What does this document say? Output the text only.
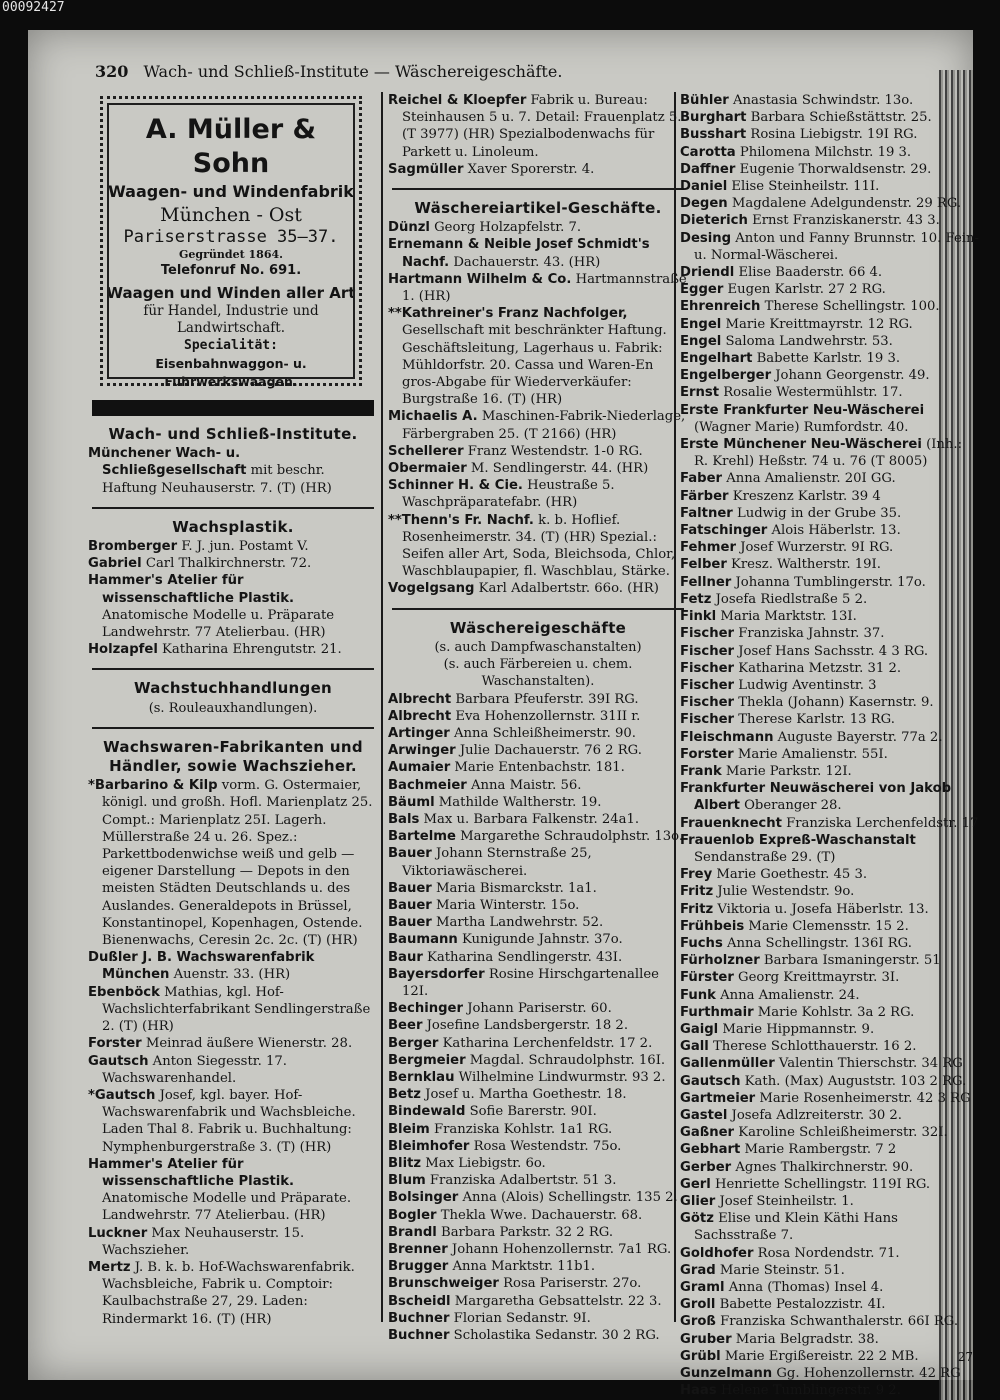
00092427
27
320 Wach- und Schließ-Institute — Wäschereigeschäfte.
A. Müller & Sohn
Waagen- und Windenfabrik
München - Ost
Pariserstrasse 35–37.
Gegründet 1864.
Telefonruf No. 691.
Waagen und Winden aller Art
für Handel, Industrie und
Landwirtschaft.
Specialität:
Eisenbahnwaggon- u. Fuhrwerkswaagen.
Wach- und Schließ-Institute.

Münchener Wach- u. Schließgesellschaft mit beschr. Haftung Neuhauserstr. 7. (T) (HR)

Wachsplastik.

Bromberger F. J. jun. Postamt V.

Gabriel Carl Thalkirchnerstr. 72.

Hammer's Atelier für wissenschaftliche Plastik. Anatomische Modelle u. Präparate Landwehrstr. 77 Atelierbau. (HR)

Holzapfel Katharina Ehrengutstr. 21.

Wachstuchhandlungen
(s. Rouleauxhandlungen).
Wachswaren-Fabrikanten und
Händler, sowie Wachszieher.

*Barbarino & Kilp vorm. G. Ostermaier, königl. und großh. Hofl. Marienplatz 25. Compt.: Marienplatz 25I. Lagerh. Müllerstraße 24 u. 26. Spez.: Parkettbodenwichse weiß und gelb — eigener Darstellung — Depots in den meisten Städten Deutschlands u. des Auslandes. Generaldepots in Brüssel, Konstantinopel, Kopenhagen, Ostende. Bienenwachs, Ceresin 2c. 2c. (T) (HR)

Dußler J. B. Wachswarenfabrik München Auenstr. 33. (HR)

Ebenböck Mathias, kgl. Hof-Wachslichterfabrikant Sendlingerstraße 2. (T) (HR)

Forster Meinrad äußere Wienerstr. 28.

Gautsch Anton Siegesstr. 17. Wachswarenhandel.

*Gautsch Josef, kgl. bayer. Hof-Wachswarenfabrik und Wachsbleiche. Laden Thal 8. Fabrik u. Buchhaltung: Nymphenburgerstraße 3. (T) (HR)

Hammer's Atelier für wissenschaftliche Plastik. Anatomische Modelle und Präparate. Landwehrstr. 77 Atelierbau. (HR)

Luckner Max Neuhauserstr. 15. Wachszieher.

Mertz J. B. k. b. Hof-Wachswarenfabrik. Wachsbleiche, Fabrik u. Comptoir: Kaulbachstraße 27, 29. Laden: Rindermarkt 16. (T) (HR)

Reichel & Kloepfer Fabrik u. Bureau: Steinhausen 5 u. 7. Detail: Frauenplatz 5. (T 3977) (HR) Spezialbodenwachs für Parkett u. Linoleum.

Sagmüller Xaver Sporerstr. 4.

Wäschereiartikel-Geschäfte.

Dünzl Georg Holzapfelstr. 7.

Ernemann & Neible Josef Schmidt's Nachf. Dachauerstr. 43. (HR)

Hartmann Wilhelm & Co. Hartmannstraße 1. (HR)

**Kathreiner's Franz Nachfolger, Gesellschaft mit beschränkter Haftung. Geschäftsleitung, Lagerhaus u. Fabrik: Mühldorfstr. 20. Cassa und Waren-En gros-Abgabe für Wiederverkäufer: Burgstraße 16. (T) (HR)

Michaelis A. Maschinen-Fabrik-Niederlage, Färbergraben 25. (T 2166) (HR)

Schellerer Franz Westendstr. 1-0 RG.

Obermaier M. Sendlingerstr. 44. (HR)

Schinner H. & Cie. Heustraße 5. Waschpräparatefabr. (HR)

**Thenn's Fr. Nachf. k. b. Hoflief. Rosenheimerstr. 34. (T) (HR) Spezial.: Seifen aller Art, Soda, Bleichsoda, Chlor, Waschblaupapier, fl. Waschblau, Stärke.

Vogelgsang Karl Adalbertstr. 66o. (HR)

Wäschereigeschäfte
(s. auch Dampfwaschanstalten)
(s. auch Färbereien u. chem. Waschanstalten).

Albrecht Barbara Pfeuferstr. 39I RG.

Albrecht Eva Hohenzollernstr. 31II r.

Artinger Anna Schleißheimerstr. 90.

Arwinger Julie Dachauerstr. 76 2 RG.

Aumaier Marie Entenbachstr. 181.

Bachmeier Anna Maistr. 56.

Bäuml Mathilde Waltherstr. 19.

Bals Max u. Barbara Falkenstr. 24a1.

Bartelme Margarethe Schraudolphstr. 13o.

Bauer Johann Sternstraße 25, Viktoriawäscherei.

Bauer Maria Bismarckstr. 1a1.

Bauer Maria Winterstr. 15o.

Bauer Martha Landwehrstr. 52.

Baumann Kunigunde Jahnstr. 37o.

Baur Katharina Sendlingerstr. 43I.

Bayersdorfer Rosine Hirschgartenallee 12I.

Bechinger Johann Pariserstr. 60.

Beer Josefine Landsbergerstr. 18 2.

Berger Katharina Lerchenfeldstr. 17 2.

Bergmeier Magdal. Schraudolphstr. 16I.

Bernklau Wilhelmine Lindwurmstr. 93 2.

Betz Josef u. Martha Goethestr. 18.

Bindewald Sofie Barerstr. 90I.

Bleim Franziska Kohlstr. 1a1 RG.

Bleimhofer Rosa Westendstr. 75o.

Blitz Max Liebigstr. 6o.

Blum Franziska Adalbertstr. 51 3.

Bolsinger Anna (Alois) Schellingstr. 135 2.

Bogler Thekla Wwe. Dachauerstr. 68.

Brandl Barbara Parkstr. 32 2 RG.

Brenner Johann Hohenzollernstr. 7a1 RG.

Brugger Anna Marktstr. 11b1.

Brunschweiger Rosa Pariserstr. 27o.

Bscheidl Margaretha Gebsattelstr. 22 3.

Buchner Florian Sedanstr. 9I.

Buchner Scholastika Sedanstr. 30 2 RG.

Bühler Anastasia Schwindstr. 13o.

Burghart Barbara Schießstättstr. 25.

Busshart Rosina Liebigstr. 19I RG.

Carotta Philomena Milchstr. 19 3.

Daffner Eugenie Thorwaldsenstr. 29.

Daniel Elise Steinheilstr. 11I.

Degen Magdalene Adelgundenstr. 29 RG.

Dieterich Ernst Franziskanerstr. 43 3.

Desing Anton und Fanny Brunnstr. 10. Fein- u. Normal-Wäscherei.

Driendl Elise Baaderstr. 66 4.

Egger Eugen Karlstr. 27 2 RG.

Ehrenreich Therese Schellingstr. 100.

Engel Marie Kreittmayrstr. 12 RG.

Engel Saloma Landwehrstr. 53.

Engelhart Babette Karlstr. 19 3.

Engelberger Johann Georgenstr. 49.

Ernst Rosalie Westermühlstr. 17.

Erste Frankfurter Neu-Wäscherei (Wagner Marie) Rumfordstr. 40.

Erste Münchener Neu-Wäscherei (Inh.: R. Krehl) Heßstr. 74 u. 76 (T 8005)

Faber Anna Amalienstr. 20I GG.

Färber Kreszenz Karlstr. 39 4

Faltner Ludwig in der Grube 35.

Fatschinger Alois Häberlstr. 13.

Fehmer Josef Wurzerstr. 9I RG.

Felber Kresz. Waltherstr. 19I.

Fellner Johanna Tumblingerstr. 17o.

Fetz Josefa Riedlstraße 5 2.

Finkl Maria Marktstr. 13I.

Fischer Franziska Jahnstr. 37.

Fischer Josef Hans Sachsstr. 4 3 RG.

Fischer Katharina Metzstr. 31 2.

Fischer Ludwig Aventinstr. 3

Fischer Thekla (Johann) Kasernstr. 9.

Fischer Therese Karlstr. 13 RG.

Fleischmann Auguste Bayerstr. 77a 2.

Forster Marie Amalienstr. 55I.

Frank Marie Parkstr. 12I.

Frankfurter Neuwäscherei von Jakob Albert Oberanger 28.

Frauenknecht Franziska Lerchenfeldstr. 17

Frauenlob Expreß-Waschanstalt Sendanstraße 29. (T)

Frey Marie Goethestr. 45 3.

Fritz Julie Westendstr. 9o.

Fritz Viktoria u. Josefa Häberlstr. 13.

Frühbeis Marie Clemensstr. 15 2.

Fuchs Anna Schellingstr. 136I RG.

Fürholzner Barbara Ismaningerstr. 51

Fürster Georg Kreittmayrstr. 3I.

Funk Anna Amalienstr. 24.

Furthmair Marie Kohlstr. 3a 2 RG.

Gaigl Marie Hippmannstr. 9.

Gall Therese Schlotthauerstr. 16 2.

Gallenmüller Valentin Thierschstr. 34 RG

Gautsch Kath. (Max) Auguststr. 103 2 RG.

Gartmeier Marie Rosenheimerstr. 42 3 RG

Gastel Josefa Adlzreiterstr. 30 2.

Gaßner Karoline Schleißheimerstr. 32I.

Gebhart Marie Rambergstr. 7 2

Gerber Agnes Thalkirchnerstr. 90.

Gerl Henriette Schellingstr. 119I RG.

Glier Josef Steinheilstr. 1.

Götz Elise und Klein Käthi Hans Sachsstraße 7.

Goldhofer Rosa Nordendstr. 71.

Grad Marie Steinstr. 51.

Graml Anna (Thomas) Insel 4.

Groll Babette Pestalozzistr. 4I.

Groß Franziska Schwanthalerstr. 66I RG.

Gruber Maria Belgradstr. 38.

Grübl Marie Ergißereistr. 22 2 MB.

Gunzelmann Gg. Hohenzollernstr. 42 RG

Haas Helene Tumblingerstr. 9 2.
